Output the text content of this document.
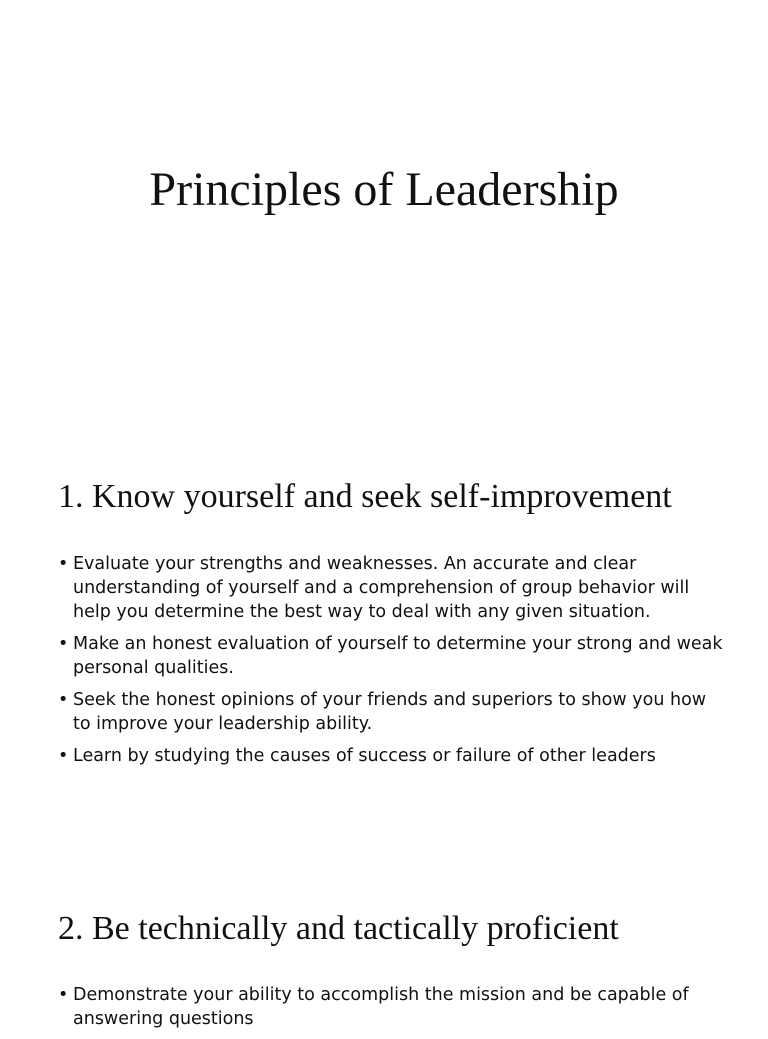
Principles of Leadership
1. Know yourself and seek self-improvement
• Evaluate your strengths and weaknesses. An accurate and clear understanding of yourself and a comprehension of group behavior will help you determine the best way to deal with any given situation.
• Make an honest evaluation of yourself to determine your strong and weak personal qualities.
• Seek the honest opinions of your friends and superiors to show you how to improve your leadership ability.
• Learn by studying the causes of success or failure of other leaders
2. Be technically and tactically proficient
• Demonstrate your ability to accomplish the mission and be capable of answering questions
